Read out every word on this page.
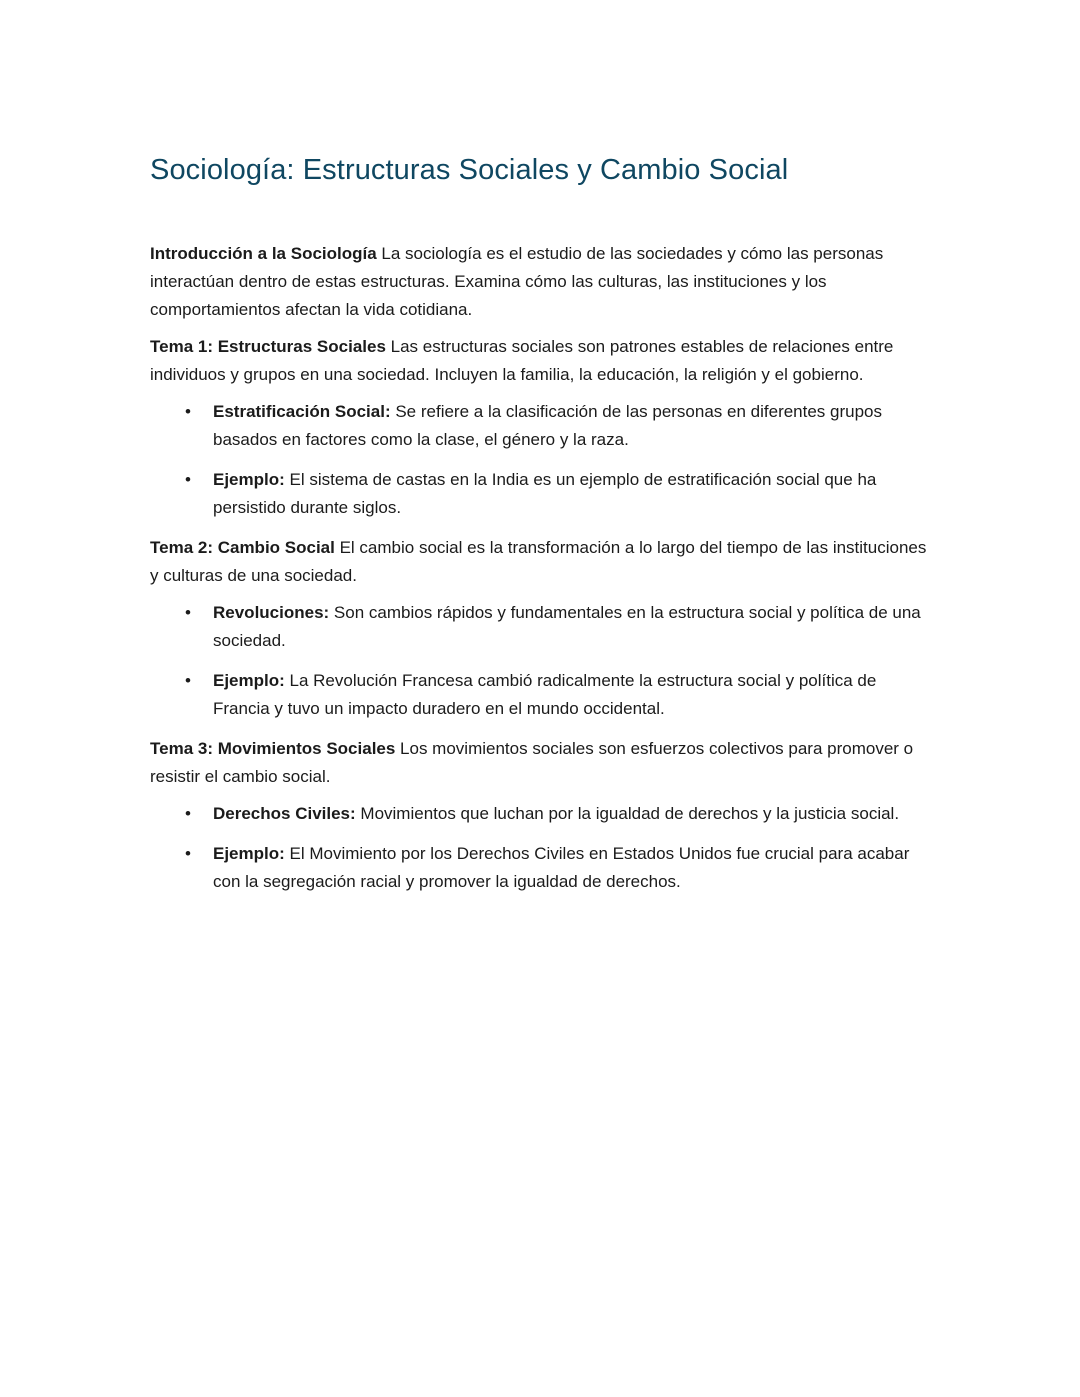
Sociología: Estructuras Sociales y Cambio Social

Introducción a la Sociología La sociología es el estudio de las sociedades y cómo las personas interactúan dentro de estas estructuras. Examina cómo las culturas, las instituciones y los comportamientos afectan la vida cotidiana.

Tema 1: Estructuras Sociales Las estructuras sociales son patrones estables de relaciones entre individuos y grupos en una sociedad. Incluyen la familia, la educación, la religión y el gobierno.

•	Estratificación Social: Se refiere a la clasificación de las personas en diferentes grupos basados en factores como la clase, el género y la raza.
•	Ejemplo: El sistema de castas en la India es un ejemplo de estratificación social que ha persistido durante siglos.

Tema 2: Cambio Social El cambio social es la transformación a lo largo del tiempo de las instituciones y culturas de una sociedad.

•	Revoluciones: Son cambios rápidos y fundamentales en la estructura social y política de una sociedad.
•	Ejemplo: La Revolución Francesa cambió radicalmente la estructura social y política de Francia y tuvo un impacto duradero en el mundo occidental.

Tema 3: Movimientos Sociales Los movimientos sociales son esfuerzos colectivos para promover o resistir el cambio social.

•	Derechos Civiles: Movimientos que luchan por la igualdad de derechos y la justicia social.
•	Ejemplo: El Movimiento por los Derechos Civiles en Estados Unidos fue crucial para acabar con la segregación racial y promover la igualdad de derechos.
